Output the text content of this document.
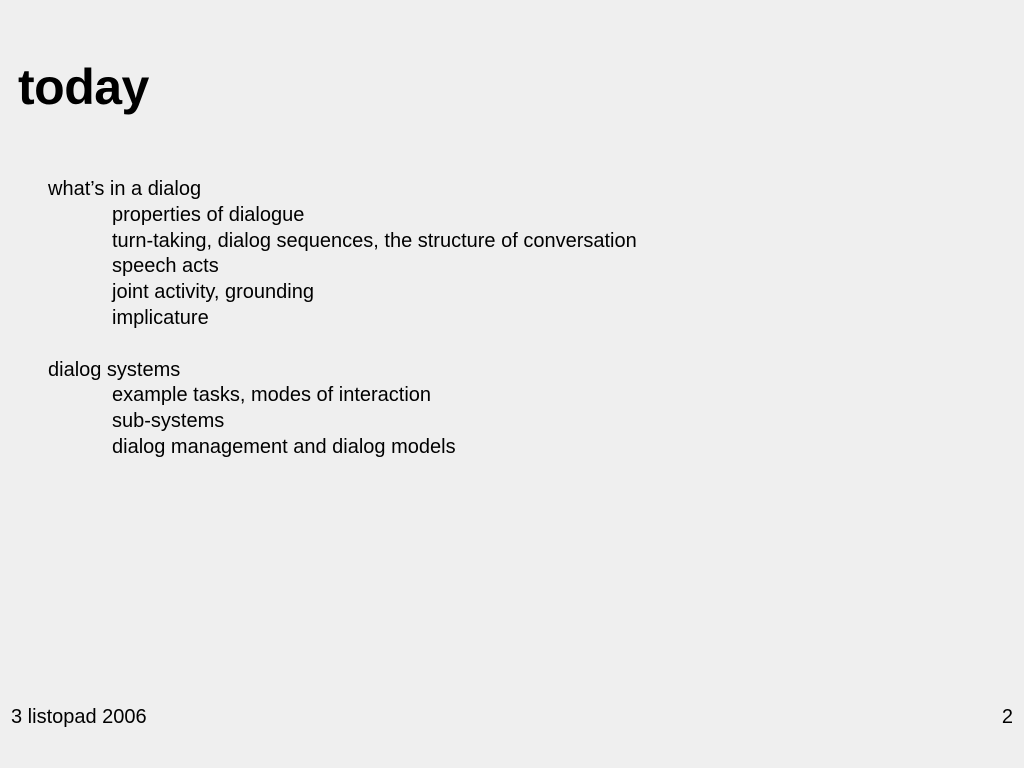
today
what’s in a dialog
properties of dialogue
turn-taking, dialog sequences, the structure of conversation
speech acts
joint activity, grounding
implicature
dialog systems
example tasks, modes of interaction
sub-systems
dialog management and dialog models
3 listopad 2006	2
